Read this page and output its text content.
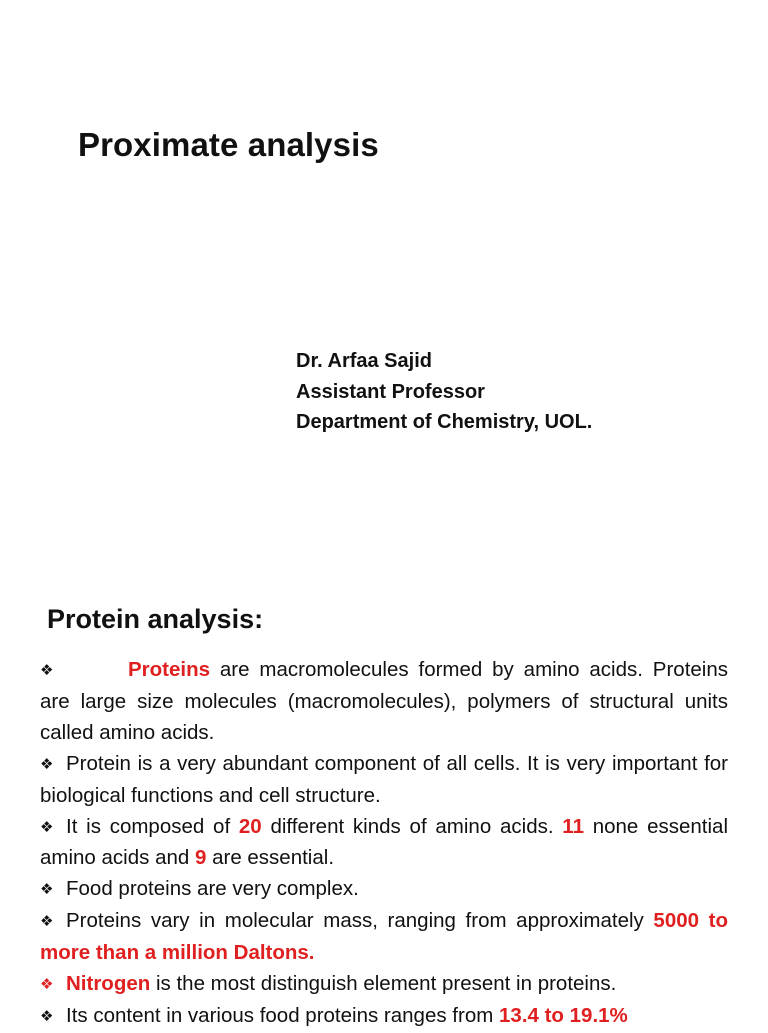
Proximate analysis
Dr. Arfaa Sajid
Assistant Professor
Department of Chemistry, UOL.
Protein analysis:

❖	Proteins are macromolecules formed by amino acids. Proteins are large size molecules (macromolecules), polymers of structural units called amino acids.

❖ Protein is a very abundant component of all cells. It is very important for biological functions and cell structure.

❖ It is composed of 20 different kinds of amino acids. 11 none essential amino acids and 9 are essential.

❖ Food proteins are very complex.

❖ Proteins vary in molecular mass, ranging from approximately 5000 to more than a million Daltons.

❖ Nitrogen is the most distinguish element present in proteins.

❖ Its content in various food proteins ranges from 13.4 to 19.1%
